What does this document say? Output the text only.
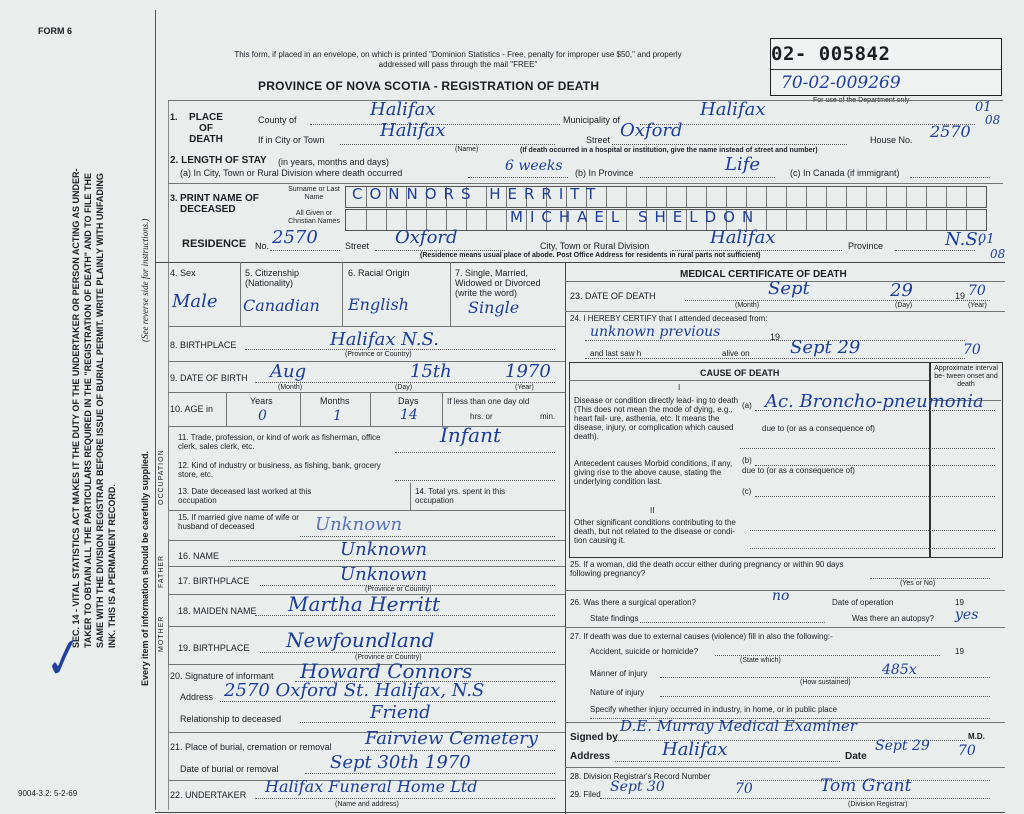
FORM 6
This form, if placed in an envelope, on which is printed "Dominion Statistics - Free, penalty for improper use $50," and properly addressed will pass through the mail "FREE"
PROVINCE OF NOVA SCOTIA - REGISTRATION OF DEATH
02- 005842
70-02-009269
For use of the Department only	01
08
01
08
SEC. 14 - VITAL STATISTICS ACT MAKES IT THE DUTY OF THE UNDERTAKER OR PERSON ACTING AS UNDER- TAKER TO OBTAIN ALL THE PARTICULARS REQUIRED IN THE "REGISTRATION OF DEATH" AND TO FILE THE SAME WITH THE DIVISION REGISTRAR BEFORE ISSUE OF BURIAL PERMIT. WRITE PLAINLY WITH UNFADING INK. THIS IS A PERMANENT RECORD.	Every item of information should be carefully supplied.
(See reverse side for instructions.)
✓
1.	PLACE OF DEATH
County of	Halifax	Municipality of	Halifax
If in City or Town	Halifax
(Name)
Street Oxford	House No. 2570
(If death occurred in a hospital or institution, give the name instead of street and number)
2. LENGTH OF STAY (in years, months and days)
(a) In City, Town or Rural Division where death occurred	6 weeks (b) In Province	Life	(c) In Canada (if immigrant)
3. PRINT NAME OF DECEASED
Surname or Last Name
All Given or Christian Names
CONNORS HERRITT
MICHAEL SHELDON
RESIDENCE No. 2570	Street Oxford	City, Town or Rural Division	Halifax	Province	N.S.
(Residence means usual place of abode. Post Office Address for residents in rural parts not sufficient)
4. Sex
Male
5. Citizenship (Nationality)
Canadian
6. Racial Origin
English
7. Single, Married, Widowed or Divorced (write the word)
Single
8. BIRTHPLACE	Halifax N.S.
(Province or Country)
9. DATE OF BIRTH Aug	15th	1970
(Month)	(Day)	(Year)
10. AGE in
Years
0
Months
1
Days
14
If less than one day old
hrs. or	min.
OCCUPATION
11. Trade, profession, or kind of work as fisherman, office clerk, sales clerk, etc.	Infant
12. Kind of industry or business, as fishing, bank, grocery store, etc.
13. Date deceased last worked at this occupation
14. Total yrs. spent in this occupation
15. If married give name of wife or husband of deceased	Unknown
FATHER 16. NAME	Unknown
17. BIRTHPLACE	Unknown
(Province or Country)
MOTHER
18. MAIDEN NAME Martha Herritt
19. BIRTHPLACE Newfoundland
(Province or Country)
20. Signature of informant Howard Connors
Address 2570 Oxford St. Halifax, N.S
Relationship to deceased	Friend
21. Place of burial, cremation or removal Fairview Cemetery
Date of burial or removal	Sept 30th 1970
22. UNDERTAKER Halifax Funeral Home Ltd
(Name and address)
9004-3.2: 5-2-69
MEDICAL CERTIFICATE OF DEATH
23. DATE OF DEATH	Sept	29	19 70
(Month)	(Day)	(Year)
24. I HEREBY CERTIFY that I attended deceased from:
unknown previous	19
and last saw h	alive on Sept 29	70
CAUSE OF DEATH	Approximate interval be- tween onset and death
I
Disease or condition directly lead- ing to death (This does not mean the mode of dying, e.g., heart fail- ure, asthenia, etc. It means the disease, injury, or complication which caused death).
(a) Ac. Broncho-pneumonia
due to (or as a consequence of)
Antecedent causes Morbid conditions, if any, giving rise to the above cause, stating the underlying condition last.
(b)
due to (or as a consequence of)
(c)
II
Other significant conditions contributing to the death, but not related to the disease or condi- tion causing it.
25. If a woman, did the death occur either during pregnancy or within 90 days following pregnancy?
(Yes or No)
26. Was there a surgical operation?	no	Date of operation	19
State findings	Was there an autopsy? yes
27. If death was due to external causes (violence) fill in also the following:-
Accident, suicide or homicide?	19
(State which)
Manner of injury	485x
(How sustained)
Nature of injury
Specify whether injury occurred in industry, in home, or in public place
Signed by
D.E. Murray Medical Examiner
M.D.
Address	Halifax	Date
Sept 29 70
28. Division Registrar's Record Number
29. Filed Sept 30	70	Tom Grant
(Division Registrar)
